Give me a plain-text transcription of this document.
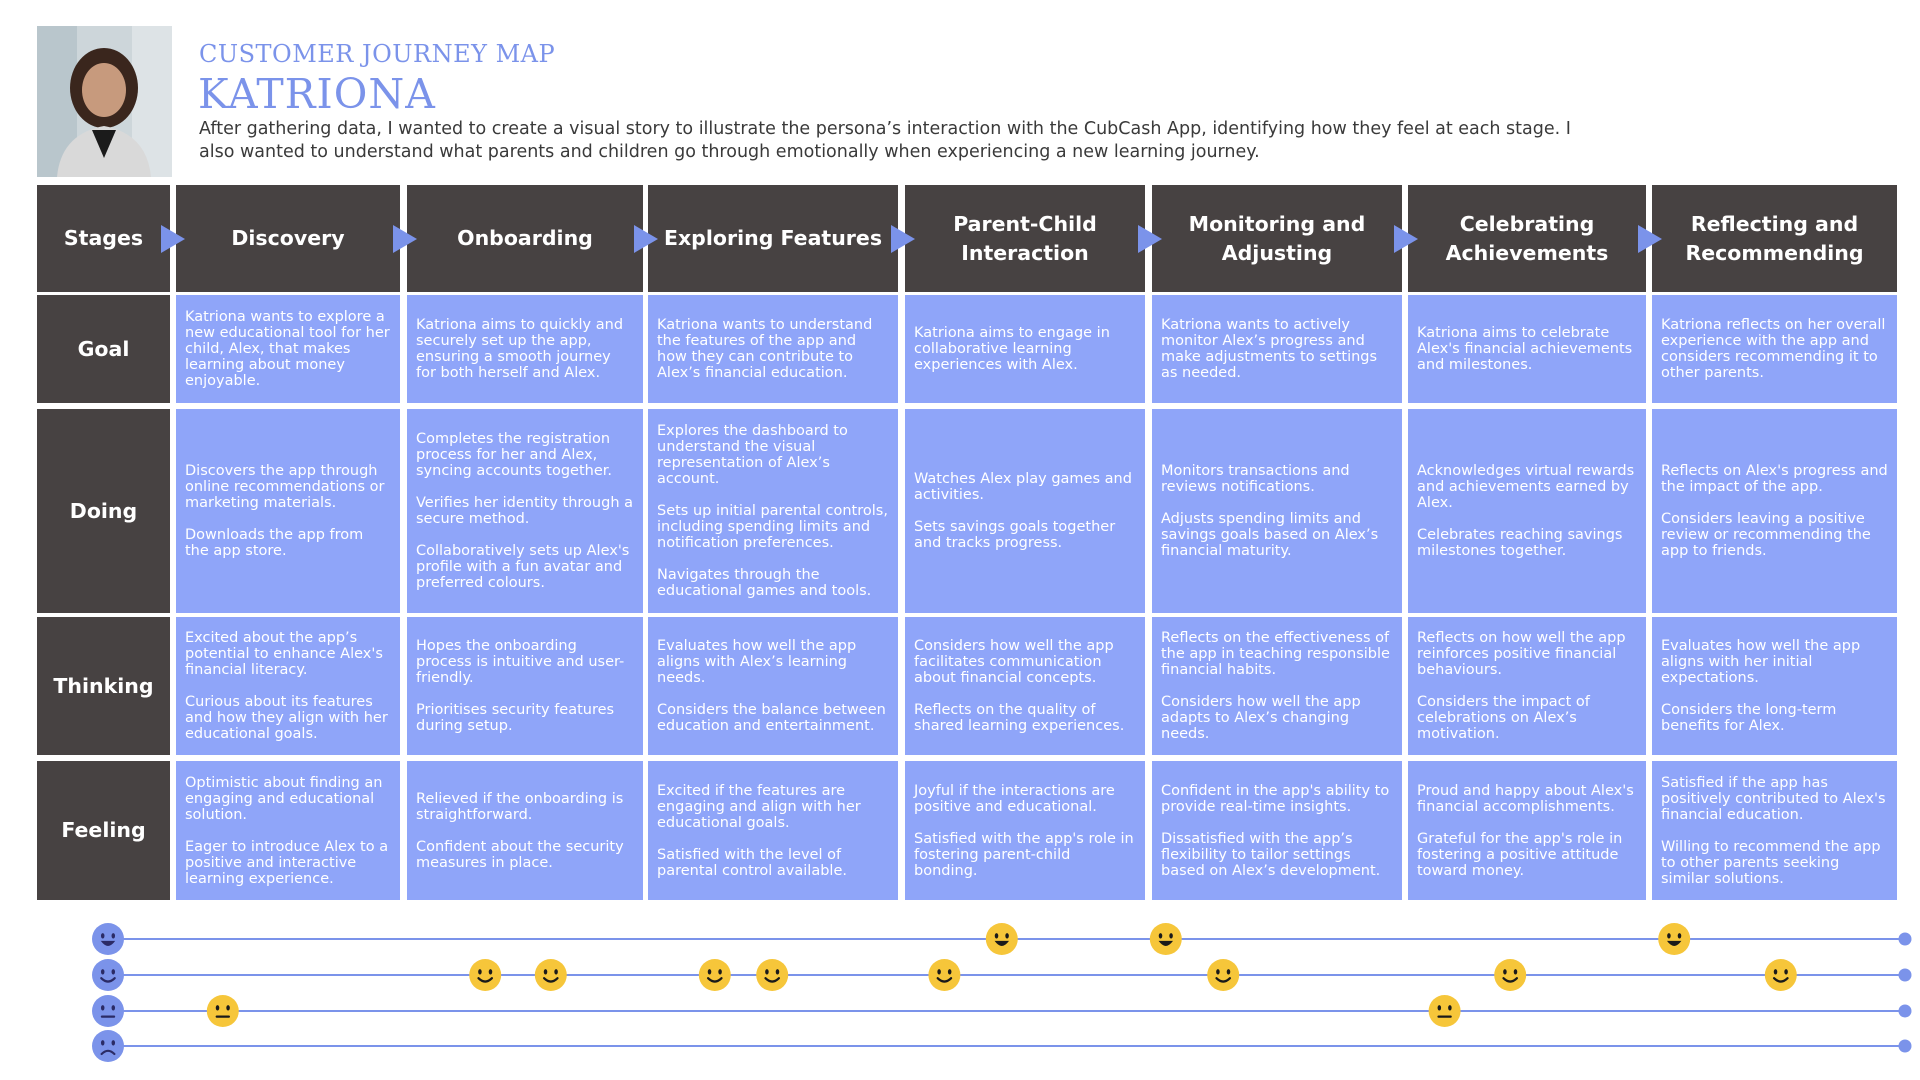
CUSTOMER JOURNEY MAP
KATRIONA
After gathering data, I wanted to create a visual story to illustrate the persona’s interaction with the CubCash App, identifying how they feel at each stage. I also wanted to understand what parents and children go through emotionally when experiencing a new learning journey.
Stages
Goal
Doing
Thinking
Feeling
Discovery

Katriona wants to explore a new educational tool for her child, Alex, that makes learning about money enjoyable.

Discovers the app through online recommendations or marketing materials.

Downloads the app from the app store.

Excited about the app’s potential to enhance Alex's financial literacy.

Curious about its features and how they align with her educational goals.

Optimistic about finding an engaging and educational solution.

Eager to introduce Alex to a positive and interactive learning experience.

Onboarding

Katriona aims to quickly and securely set up the app, ensuring a smooth journey for both herself and Alex.

Completes the registration process for her and Alex, syncing accounts together.

Verifies her identity through a secure method.

Collaboratively sets up Alex's profile with a fun avatar and preferred colours.

Hopes the onboarding process is intuitive and user-friendly.

Prioritises security features during setup.

Relieved if the onboarding is straightforward.

Confident about the security measures in place.

Exploring Features

Katriona wants to understand the features of the app and how they can contribute to Alex’s financial education.

Explores the dashboard to understand the visual representation of Alex’s account.

Sets up initial parental controls, including spending limits and notification preferences.

Navigates through the educational games and tools.

Evaluates how well the app aligns with Alex’s learning needs.

Considers the balance between education and entertainment.

Excited if the features are engaging and align with her educational goals.

Satisfied with the level of parental control available.

Parent-Child Interaction

Katriona aims to engage in collaborative learning experiences with Alex.

Watches Alex play games and activities.

Sets savings goals together and tracks progress.

Considers how well the app facilitates communication about financial concepts.

Reflects on the quality of shared learning experiences.

Joyful if the interactions are positive and educational.

Satisfied with the app's role in fostering parent-child bonding.

Monitoring and Adjusting

Katriona wants to actively monitor Alex’s progress and make adjustments to settings as needed.

Monitors transactions and reviews notifications.

Adjusts spending limits and savings goals based on Alex’s financial maturity.

Reflects on the effectiveness of the app in teaching responsible financial habits.

Considers how well the app adapts to Alex’s changing needs.

Confident in the app's ability to provide real-time insights.

Dissatisfied with the app’s flexibility to tailor settings based on Alex’s development.

Celebrating Achievements

Katriona aims to celebrate Alex's financial achievements and milestones.

Acknowledges virtual rewards and achievements earned by Alex.

Celebrates reaching savings milestones together.

Reflects on how well the app reinforces positive financial behaviours.

Considers the impact of celebrations on Alex’s motivation.

Proud and happy about Alex's financial accomplishments.

Grateful for the app's role in fostering a positive attitude toward money.

Reflecting and Recommending

Katriona reflects on her overall experience with the app and considers recommending it to other parents.

Reflects on Alex's progress and the impact of the app.

Considers leaving a positive review or recommending the app to friends.

Evaluates how well the app aligns with her initial expectations.

Considers the long-term benefits for Alex.

Satisfied if the app has positively contributed to Alex's financial education.

Willing to recommend the app to other parents seeking similar solutions.
